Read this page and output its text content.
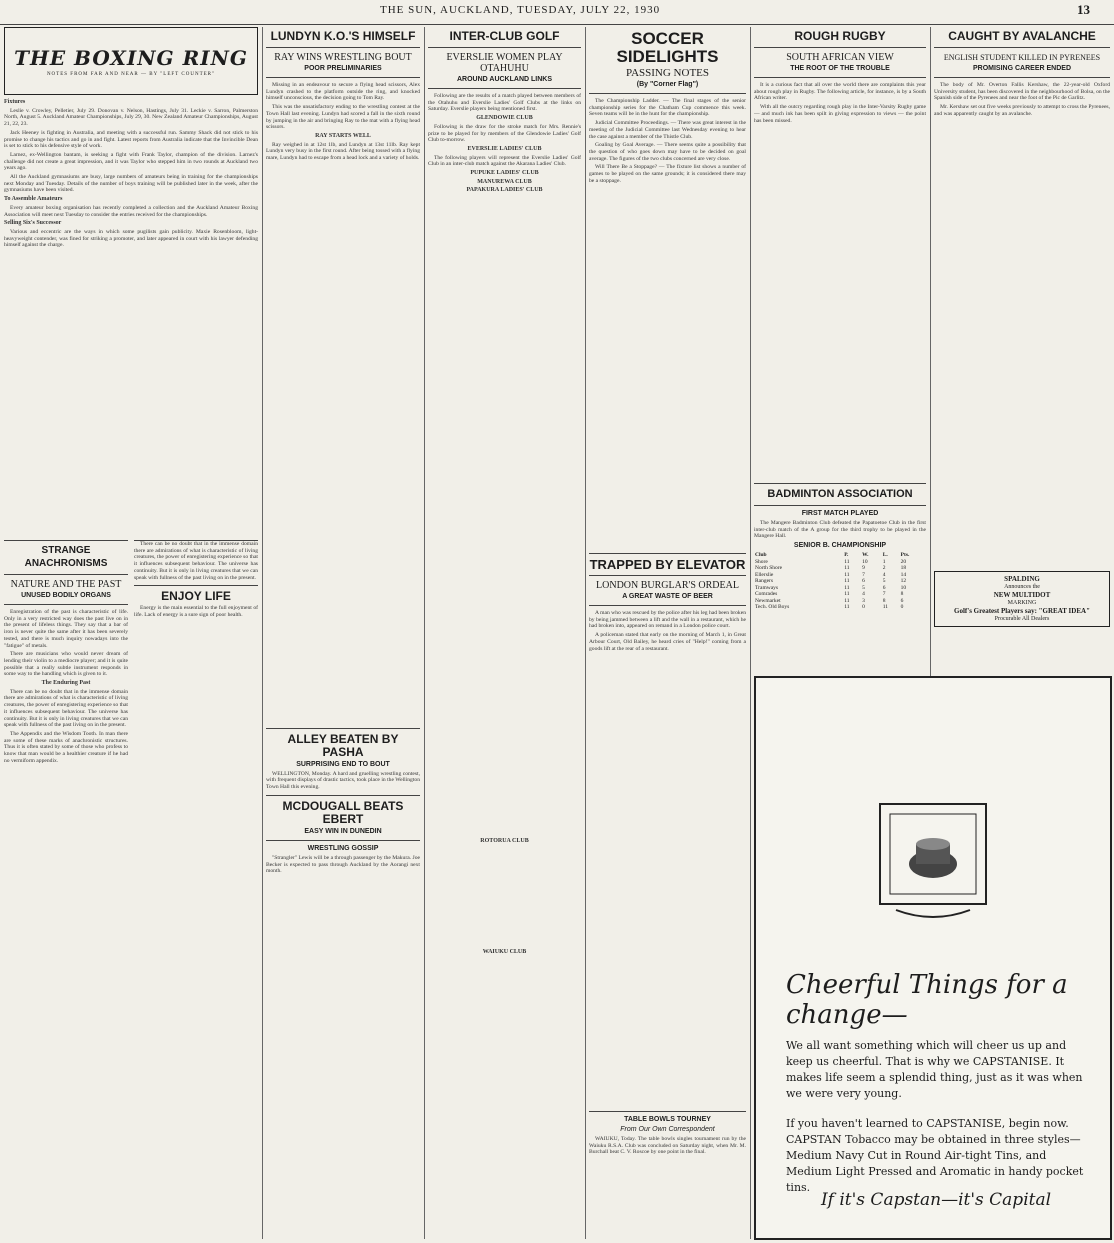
THE SUN, AUCKLAND, TUESDAY, JULY 22, 1930	13
THE BOXING RING
NOTES FROM FAR AND NEAR — BY "LEFT COUNTER"
Fixtures

Leslie v. Crowley, Pelletier, July 29. Donovan v. Nelson, Hastings, July 31. Leckie v. Sarron, Palmerston North, August 5. Auckland Amateur Championships, July 29, 30. New Zealand Amateur Championships, August 21, 22, 23.

Jack Heeney is fighting in Australia, and meeting with a successful run. Sammy Shack did not stick to his promise to change his tactics and go in and fight. Latest reports from Australia indicate that the Invincible Dean is set to stick to his defensive style of work.

Larnez, ex-Wellington bantam, is seeking a fight with Frank Taylor, champion of the division. Larnez's challenge did not create a great impression, and it was Taylor who stepped him in two rounds at Auckland two years ago.

All the Auckland gymnasiums are busy, large numbers of amateurs being in training for the championships next Monday and Tuesday. Details of the number of boys training will be published later in the week, after the gymnasiums have been visited.

To Assemble Amateurs

Every amateur boxing organisation has recently completed a collection and the Auckland Amateur Boxing Association will meet next Tuesday to consider the entries received for the championships.

Selling Six's Successor

Various and eccentric are the ways in which some pugilists gain publicity. Maxie Rosenbloom, light-heavyweight contender, was fined for striking a promoter, and later appeared in court with his lawyer defending himself against the charge.

STRANGE ANACHRONISMS
NATURE AND THE PAST
UNUSED BODILY ORGANS

Enregistration of the past is characteristic of life. Only in a very restricted way does the past live on in the present of lifeless things. They say that a bar of iron is never quite the same after it has been severely tested, and there is much inquiry nowadays into the "fatigue" of metals.

There are musicians who would never dream of lending their violin to a mediocre player; and it is quite possible that a really subtle instrument responds in some way to the handling which is given to it.

The Enduring Past

There can be no doubt that in the immense domain there are admirations of what is characteristic of living creatures, the power of enregistering experience so that it influences subsequent behaviour. The universe has continuity. But it is only in living creatures that we can speak with fullness of the past living on in the present.

The Appendix and the Wisdom Tooth. In man there are some of these marks of anachronistic structures. Thus it is often stated by some of those who profess to know that man would be a healthier creature if he had no vermiform appendix.

There can be no doubt that in the immense domain there are admirations of what is characteristic of living creatures, the power of enregistering experience so that it influences subsequent behaviour. The universe has continuity. But it is only in living creatures that we can speak with fullness of the past living on in the present.

ENJOY LIFE

Energy is the main essential to the full enjoyment of life. Lack of energy is a sure sign of poor health.

LUNDYN K.O.'S HIMSELF
RAY WINS WRESTLING BOUT
POOR PRELIMINARIES

Missing in an endeavour to secure a flying head scissors, Alex Lundyn crashed to the platform outside the ring, and knocked himself unconscious, the decision going to Tom Ray.

This was the unsatisfactory ending to the wrestling contest at the Town Hall last evening. Lundyn had scored a fall in the sixth round by jumping in the air and bringing Ray to the mat with a flying head scissors.

RAY STARTS WELL

Ray weighed in at 12st 1lb, and Lundyn at 13st 11lb. Ray kept Lundyn very busy in the first round. After being tossed with a flying mare, Lundyn had to escape from a head lock and a variety of holds.

ALLEY BEATEN BY PASHA
SURPRISING END TO BOUT

WELLINGTON, Monday. A hard and gruelling wrestling contest, with frequent displays of drastic tactics, took place in the Wellington Town Hall this evening.

MCDOUGALL BEATS EBERT
EASY WIN IN DUNEDIN
WRESTLING GOSSIP

"Strangler" Lewis will be a through passenger by the Makura. Joe Becker is expected to pass through Auckland by the Aorangi next month.

INTER-CLUB GOLF
EVERSLIE WOMEN PLAY OTAHUHU
AROUND AUCKLAND LINKS

Following are the results of a match played between members of the Otahuhu and Everslie Ladies' Golf Clubs at the links on Saturday. Everslie players being mentioned first.

GLENDOWIE CLUB

Following is the draw for the stroke match for Mrs. Rennie's prize to be played for by members of the Glendowie Ladies' Golf Club to-morrow.

EVERSLIE LADIES' CLUB

The following players will represent the Everslie Ladies' Golf Club in an inter-club match against the Akarana Ladies' Club.

PUPUKE LADIES' CLUB
MANUREWA CLUB
PAPAKURA LADIES' CLUB
ROTORUA CLUB
WAIUKU CLUB
SOCCER SIDELIGHTS
PASSING NOTES
(By "Corner Flag")

The Championship Ladder. — The final stages of the senior championship series for the Chatham Cup commence this week. Seven teams will be in the hunt for the championship.

Judicial Committee Proceedings. — There was great interest in the meeting of the Judicial Committee last Wednesday evening to hear the case against a member of the Thistle Club.

Goaling by Goal Average. — There seems quite a possibility that the question of who goes down may have to be decided on goal average. The figures of the two clubs concerned are very close.

Will There Be a Stoppage? — The fixture list shows a number of games to be played on the same grounds; it is considered there may be a stoppage.

TRAPPED BY ELEVATOR
LONDON BURGLAR'S ORDEAL
A GREAT WASTE OF BEER

A man who was rescued by the police after his leg had been broken by being jammed between a lift and the wall in a restaurant, which he had broken into, appeared on remand in a London police court.

A policeman stated that early on the morning of March 1, in Great Arbour Court, Old Bailey, he heard cries of "Help!" coming from a goods lift at the rear of a restaurant.

TABLE BOWLS TOURNEY
From Our Own Correspondent

WAIUKU, Today. The table bowls singles tournament run by the Waiuku R.S.A. Club was concluded on Saturday night, when Mr. M. Burchall beat C. V. Roscoe by one point in the final.

ROUGH RUGBY
SOUTH AFRICAN VIEW
THE ROOT OF THE TROUBLE

It is a curious fact that all over the world there are complaints this year about rough play in Rugby. The following article, for instance, is by a South African writer.

With all the outcry regarding rough play in the Inter-Varsity Rugby game — and much ink has been spilt in giving expression to views — the point has been missed.

BADMINTON ASSOCIATION
FIRST MATCH PLAYED

The Mangere Badminton Club defeated the Papatoetoe Club in the first inter-club match of the A group for the third trophy to be played in the Mangere Hall.

SENIOR B. CHAMPIONSHIP
Club	P.	W.	L.	Pts.
Shore	11	10	1	20
North Shore	11	9	2	18
Ellerslie	11	7	4	14
Rangers	11	6	5	12
Tramways	11	5	6	10
Comrades	11	4	7	8
Newmarket	11	3	8	6
Tech. Old Boys	11	0	11	0
CAUGHT BY AVALANCHE
ENGLISH STUDENT KILLED IN PYRENEES
PROMISING CAREER ENDED

The body of Mr. Overton Fallis Kershaw, the 22-year-old Oxford University student, has been discovered in the neighbourhood of Bolsa, on the Spanish side of the Pyrenees and near the foot of the Pic de Garlitz.

Mr. Kershaw set out five weeks previously to attempt to cross the Pyrenees, and was apparently caught by an avalanche.

SPALDING
Announces the
NEW MULTIDOT
MARKING
Golf's Greatest Players say: "GREAT IDEA"
Procurable All Dealers
Cheerful Things for a change—
We all want something which will cheer us up and keep us cheerful. That is why we CAPSTANISE. It makes life seem a splendid thing, just as it was when we were very young.
If you haven't learned to CAPSTANISE, begin now. CAPSTAN Tobacco may be obtained in three styles—Medium Navy Cut in Round Air-tight Tins, and Medium Light Pressed and Aromatic in handy pocket tins.
If it's Capstan—it's Capital
